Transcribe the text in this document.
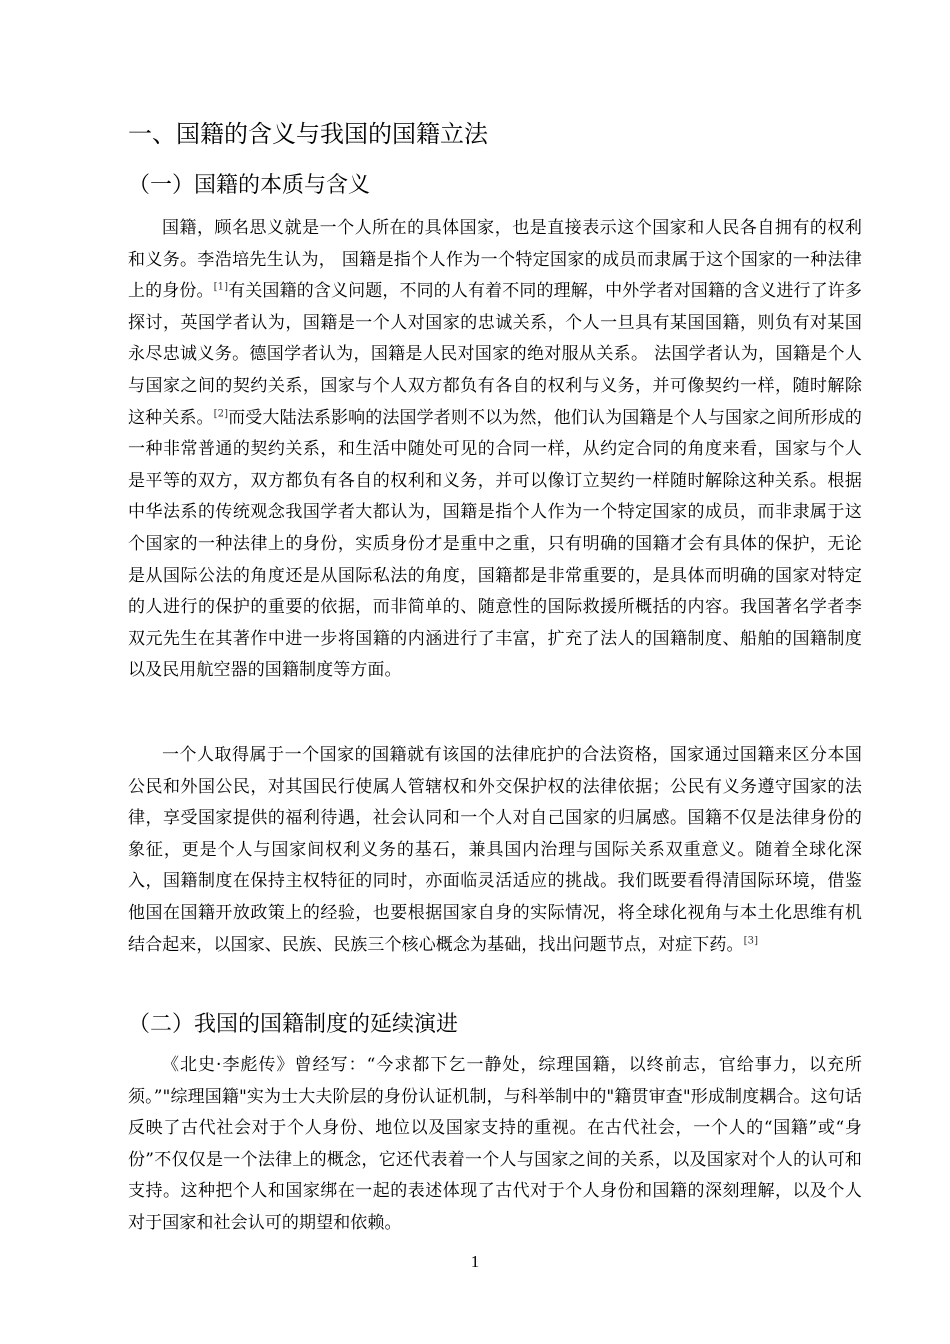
一、国籍的含义与我国的国籍立法
（一）国籍的本质与含义

国籍，顾名思义就是一个人所在的具体国家，也是直接表示这个国家和人民各自拥有的权利和义务。李浩培先生认为， 国籍是指个人作为一个特定国家的成员而隶属于这个国家的一种法律上的身份。[1]有关国籍的含义问题，不同的人有着不同的理解，中外学者对国籍的含义进行了许多探讨，英国学者认为，国籍是一个人对国家的忠诚关系，个人一旦具有某国国籍，则负有对某国永尽忠诚义务。德国学者认为，国籍是人民对国家的绝对服从关系。 法国学者认为，国籍是个人与国家之间的契约关系，国家与个人双方都负有各自的权利与义务，并可像契约一样，随时解除这种关系。[2]而受大陆法系影响的法国学者则不以为然，他们认为国籍是个人与国家之间所形成的一种非常普通的契约关系，和生活中随处可见的合同一样，从约定合同的角度来看，国家与个人是平等的双方，双方都负有各自的权利和义务，并可以像订立契约一样随时解除这种关系。根据中华法系的传统观念我国学者大都认为，国籍是指个人作为一个特定国家的成员，而非隶属于这个国家的一种法律上的身份，实质身份才是重中之重，只有明确的国籍才会有具体的保护，无论是从国际公法的角度还是从国际私法的角度，国籍都是非常重要的，是具体而明确的国家对特定的人进行的保护的重要的依据，而非简单的、随意性的国际救援所概括的内容。我国著名学者李双元先生在其著作中进一步将国籍的内涵进行了丰富，扩充了法人的国籍制度、船舶的国籍制度以及民用航空器的国籍制度等方面。

一个人取得属于一个国家的国籍就有该国的法律庇护的合法资格，国家通过国籍来区分本国公民和外国公民，对其国民行使属人管辖权和外交保护权的法律依据；公民有义务遵守国家的法律，享受国家提供的福利待遇，社会认同和一个人对自己国家的归属感。国籍不仅是法律身份的象征，更是个人与国家间权利义务的基石，兼具国内治理与国际关系双重意义。随着全球化深入，国籍制度在保持主权特征的同时，亦面临灵活适应的挑战。我们既要看得清国际环境，借鉴他国在国籍开放政策上的经验，也要根据国家自身的实际情况，将全球化视角与本土化思维有机结合起来，以国家、民族、民族三个核心概念为基础，找出问题节点，对症下药。[3]

（二）我国的国籍制度的延续演进

《北史·李彪传》曾经写：“今求都下乞一静处，综理国籍，以终前志，官给事力，以充所须。”"综理国籍"实为士大夫阶层的身份认证机制，与科举制中的"籍贯审查"形成制度耦合。这句话反映了古代社会对于个人身份、地位以及国家支持的重视。在古代社会，一个人的“国籍”或“身份”不仅仅是一个法律上的概念，它还代表着一个人与国家之间的关系，以及国家对个人的认可和支持。这种把个人和国家绑在一起的表述体现了古代对于个人身份和国籍的深刻理解，以及个人对于国家和社会认可的期望和依赖。

1
